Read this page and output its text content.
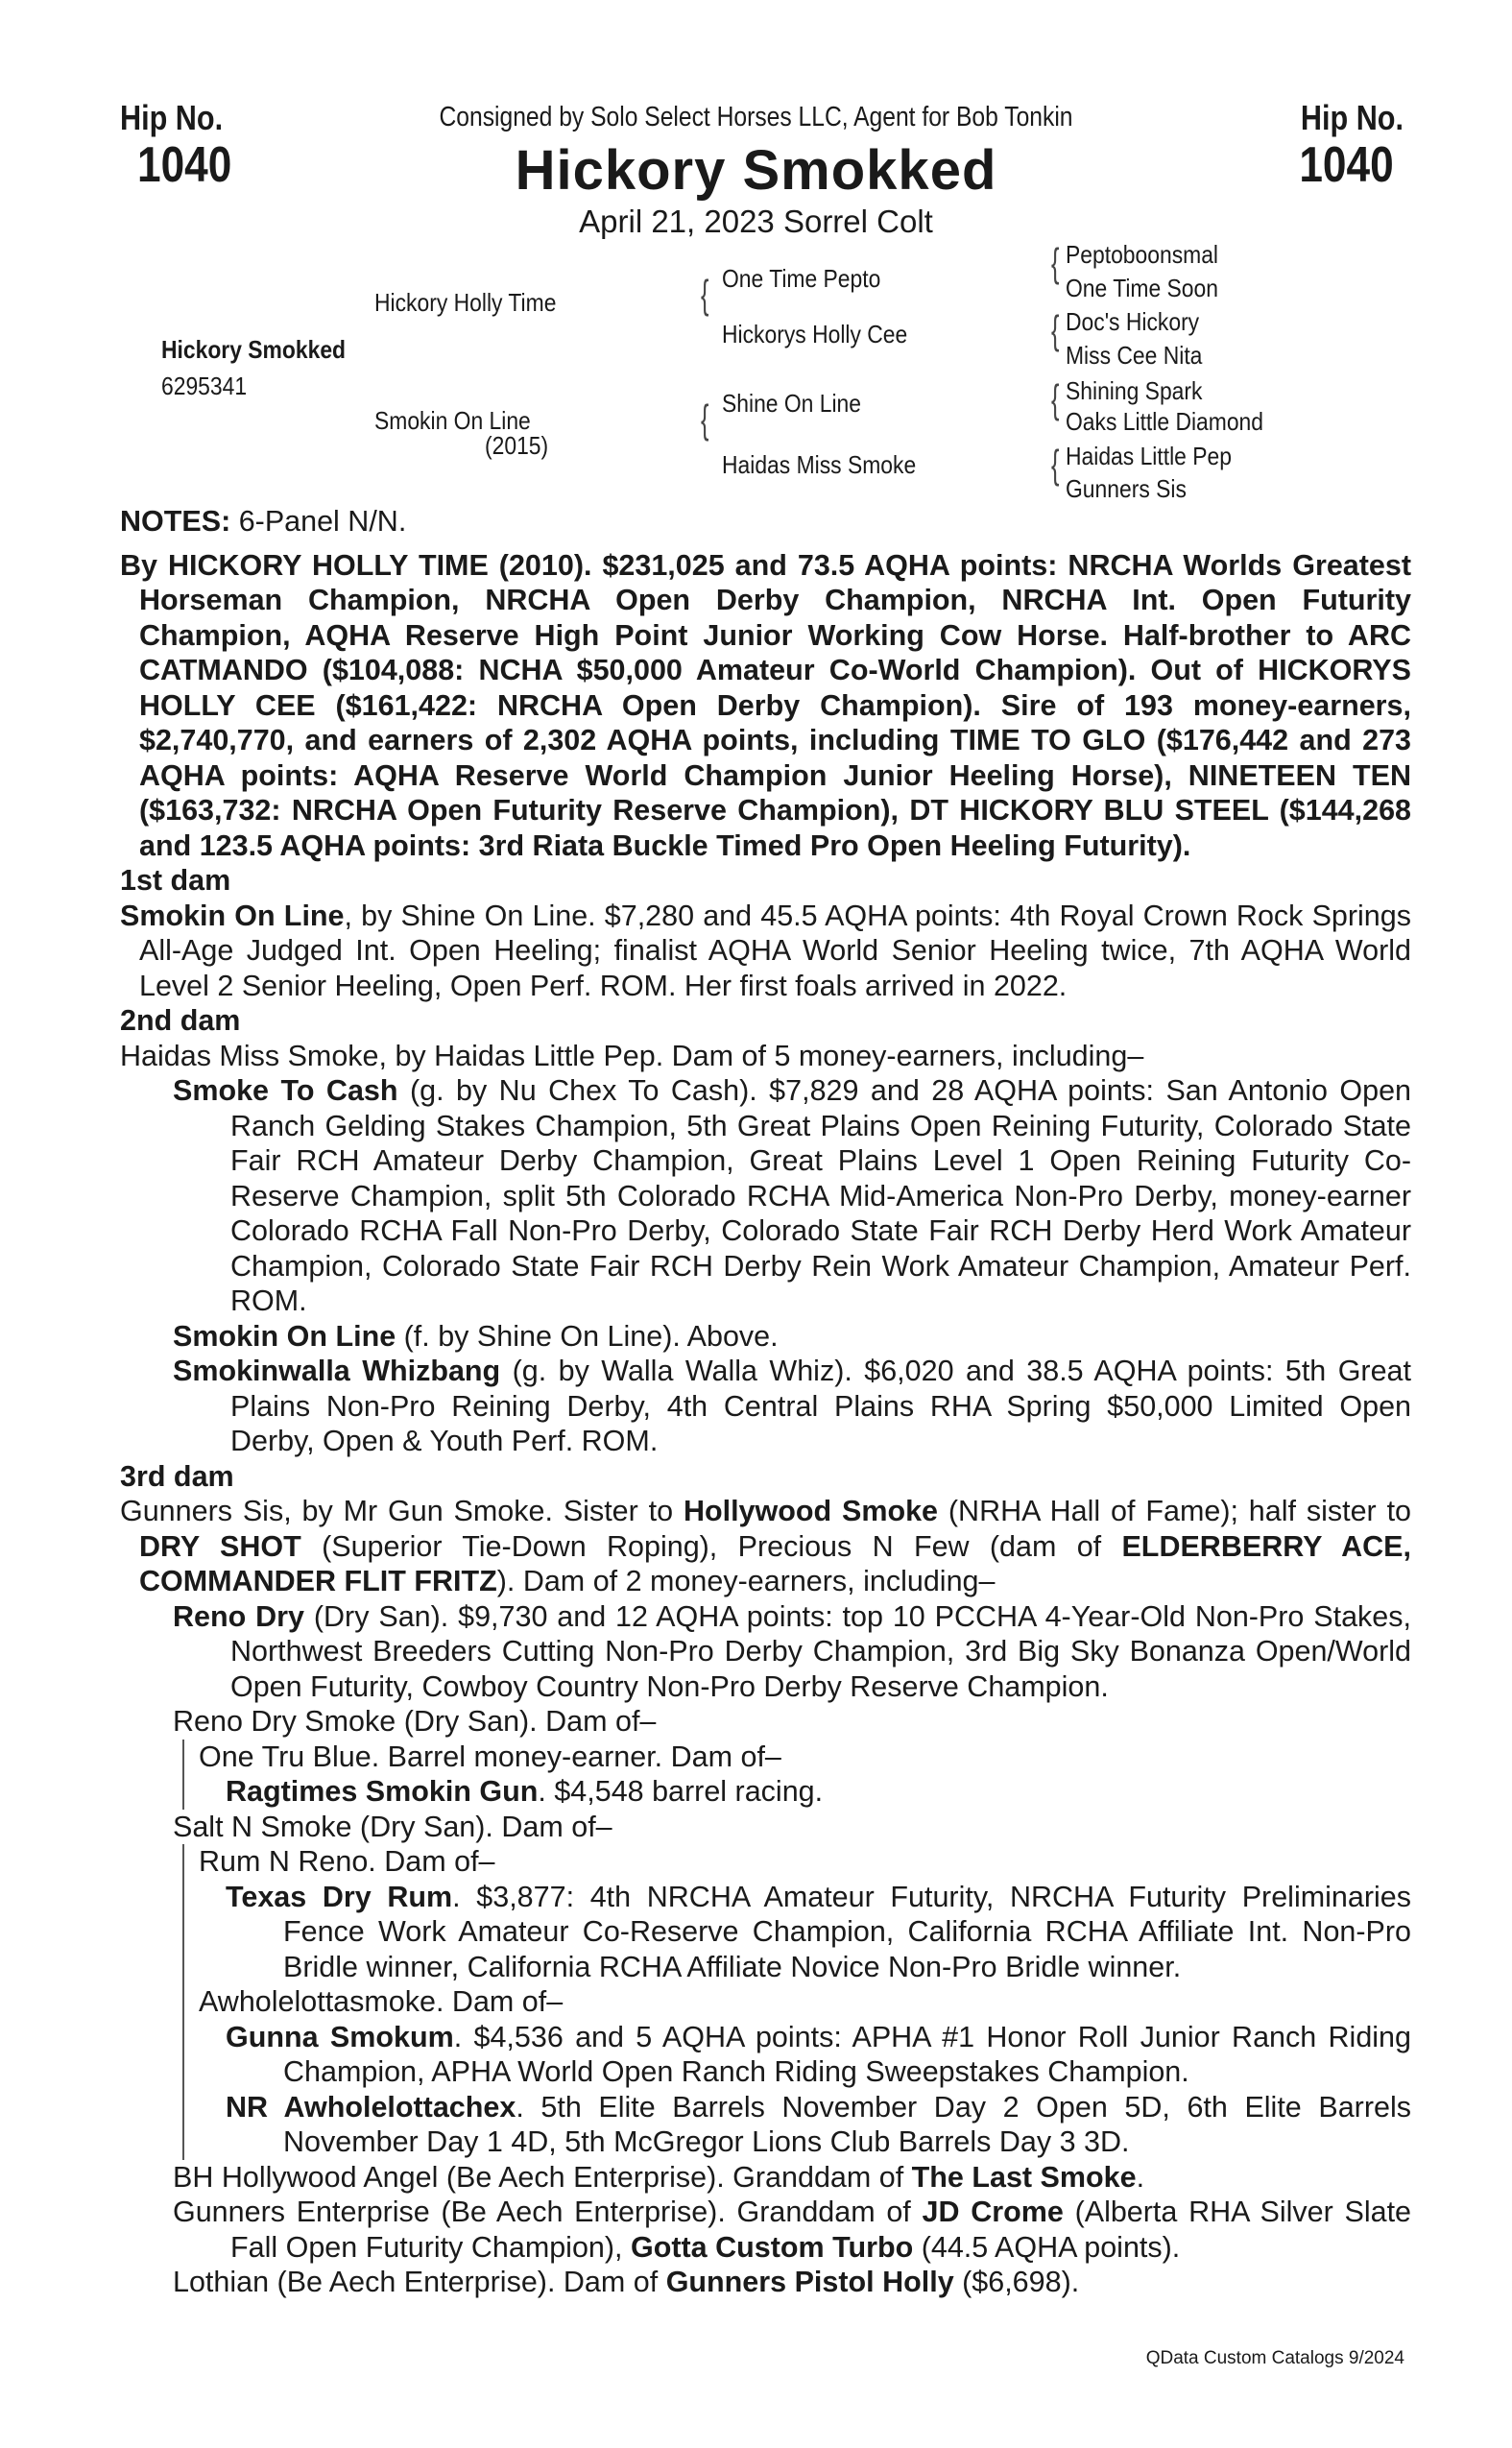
Hip No.
1040
Hip No.
1040
Consigned by Solo Select Horses LLC, Agent for Bob Tonkin
Hickory Smokked
April 21, 2023 Sorrel Colt
Hickory Smokked
6295341
Hickory Holly Time
Smokin On Line
(2015)
{
{
One Time Pepto
Hickorys Holly Cee
Shine On Line
Haidas Miss Smoke
{
{
{
{
Peptoboonsmal
One Time Soon
Doc's Hickory
Miss Cee Nita
Shining Spark
Oaks Little Diamond
Haidas Little Pep
Gunners Sis

NOTES: 6-Panel N/N.

By HICKORY HOLLY TIME (2010). $231,025 and 73.5 AQHA points: NRCHA Worlds Greatest Horseman Champion, NRCHA Open Derby Champion, NRCHA Int. Open Futurity Champion, AQHA Reserve High Point Junior Working Cow Horse. Half-brother to ARC CATMANDO ($104,088: NCHA $50,000 Amateur Co-World Champion). Out of HICKORYS HOLLY CEE ($161,422: NRCHA Open Derby Champion). Sire of 193 money-earners, $2,740,770, and earners of 2,302 AQHA points, including TIME TO GLO ($176,442 and 273 AQHA points: AQHA Reserve World Champion Junior Heeling Horse), NINETEEN TEN ($163,732: NRCHA Open Futurity Reserve Champion), DT HICKORY BLU STEEL ($144,268 and 123.5 AQHA points: 3rd Riata Buckle Timed Pro Open Heeling Futurity).

1st dam

Smokin On Line, by Shine On Line. $7,280 and 45.5 AQHA points: 4th Royal Crown Rock Springs All-Age Judged Int. Open Heeling; finalist AQHA World Senior Heeling twice, 7th AQHA World Level 2 Senior Heeling, Open Perf. ROM. Her first foals arrived in 2022.

2nd dam

Haidas Miss Smoke, by Haidas Little Pep. Dam of 5 money-earners, including–

Smoke To Cash (g. by Nu Chex To Cash). $7,829 and 28 AQHA points: San Antonio Open Ranch Gelding Stakes Champion, 5th Great Plains Open Reining Futurity, Colorado State Fair RCH Amateur Derby Champion, Great Plains Level 1 Open Reining Futurity Co-Reserve Champion, split 5th Colorado RCHA Mid-America Non-Pro Derby, money-earner Colorado RCHA Fall Non-Pro Derby, Colorado State Fair RCH Derby Herd Work Amateur Champion, Colorado State Fair RCH Derby Rein Work Amateur Champion, Amateur Perf. ROM.

Smokin On Line (f. by Shine On Line). Above.

Smokinwalla Whizbang (g. by Walla Walla Whiz). $6,020 and 38.5 AQHA points: 5th Great Plains Non-Pro Reining Derby, 4th Central Plains RHA Spring $50,000 Limited Open Derby, Open & Youth Perf. ROM.

3rd dam

Gunners Sis, by Mr Gun Smoke. Sister to Hollywood Smoke (NRHA Hall of Fame); half sister to DRY SHOT (Superior Tie-Down Roping), Precious N Few (dam of ELDERBERRY ACE, COMMANDER FLIT FRITZ). Dam of 2 money-earners, including–

Reno Dry (Dry San). $9,730 and 12 AQHA points: top 10 PCCHA 4-Year-Old Non-Pro Stakes, Northwest Breeders Cutting Non-Pro Derby Champion, 3rd Big Sky Bonanza Open/World Open Futurity, Cowboy Country Non-Pro Derby Reserve Champion.

Reno Dry Smoke (Dry San). Dam of–

One Tru Blue. Barrel money-earner. Dam of–

Ragtimes Smokin Gun. $4,548 barrel racing.

Salt N Smoke (Dry San). Dam of–

Rum N Reno. Dam of–

Texas Dry Rum. $3,877: 4th NRCHA Amateur Futurity, NRCHA Futurity Preliminaries Fence Work Amateur Co-Reserve Champion, California RCHA Affiliate Int. Non-Pro Bridle winner, California RCHA Affiliate Novice Non-Pro Bridle winner.

Awholelottasmoke. Dam of–

Gunna Smokum. $4,536 and 5 AQHA points: APHA #1 Honor Roll Junior Ranch Riding Champion, APHA World Open Ranch Riding Sweepstakes Champion.

NR Awholelottachex. 5th Elite Barrels November Day 2 Open 5D, 6th Elite Barrels November Day 1 4D, 5th McGregor Lions Club Barrels Day 3 3D.

BH Hollywood Angel (Be Aech Enterprise). Granddam of The Last Smoke.

Gunners Enterprise (Be Aech Enterprise). Granddam of JD Crome (Alberta RHA Silver Slate Fall Open Futurity Champion), Gotta Custom Turbo (44.5 AQHA points).

Lothian (Be Aech Enterprise). Dam of Gunners Pistol Holly ($6,698).

QData Custom Catalogs 9/2024
